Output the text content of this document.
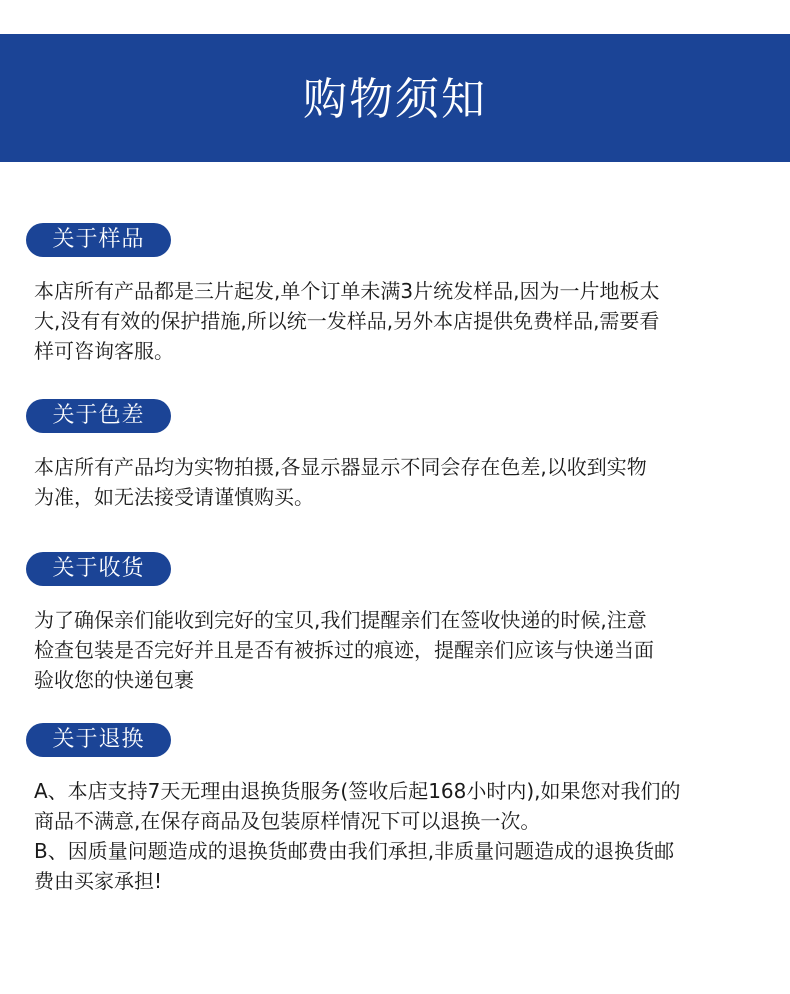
购物须知
关于样品
本店所有产品都是三片起发,单个订单未满3片统发样品,因为一片地板太
大,没有有效的保护措施,所以统一发样品,另外本店提供免费样品,需要看
样可咨询客服。
关于色差
本店所有产品均为实物拍摄,各显示器显示不同会存在色差,以收到实物
为准，如无法接受请谨慎购买。
关于收货
为了确保亲们能收到完好的宝贝,我们提醒亲们在签收快递的时候,注意
检查包装是否完好并且是否有被拆过的痕迹，提醒亲们应该与快递当面
验收您的快递包裹
关于退换
A、本店支持7天无理由退换货服务(签收后起168小时内),如果您对我们的
商品不满意,在保存商品及包装原样情况下可以退换一次。
B、因质量问题造成的退换货邮费由我们承担,非质量问题造成的退换货邮
费由买家承担!
